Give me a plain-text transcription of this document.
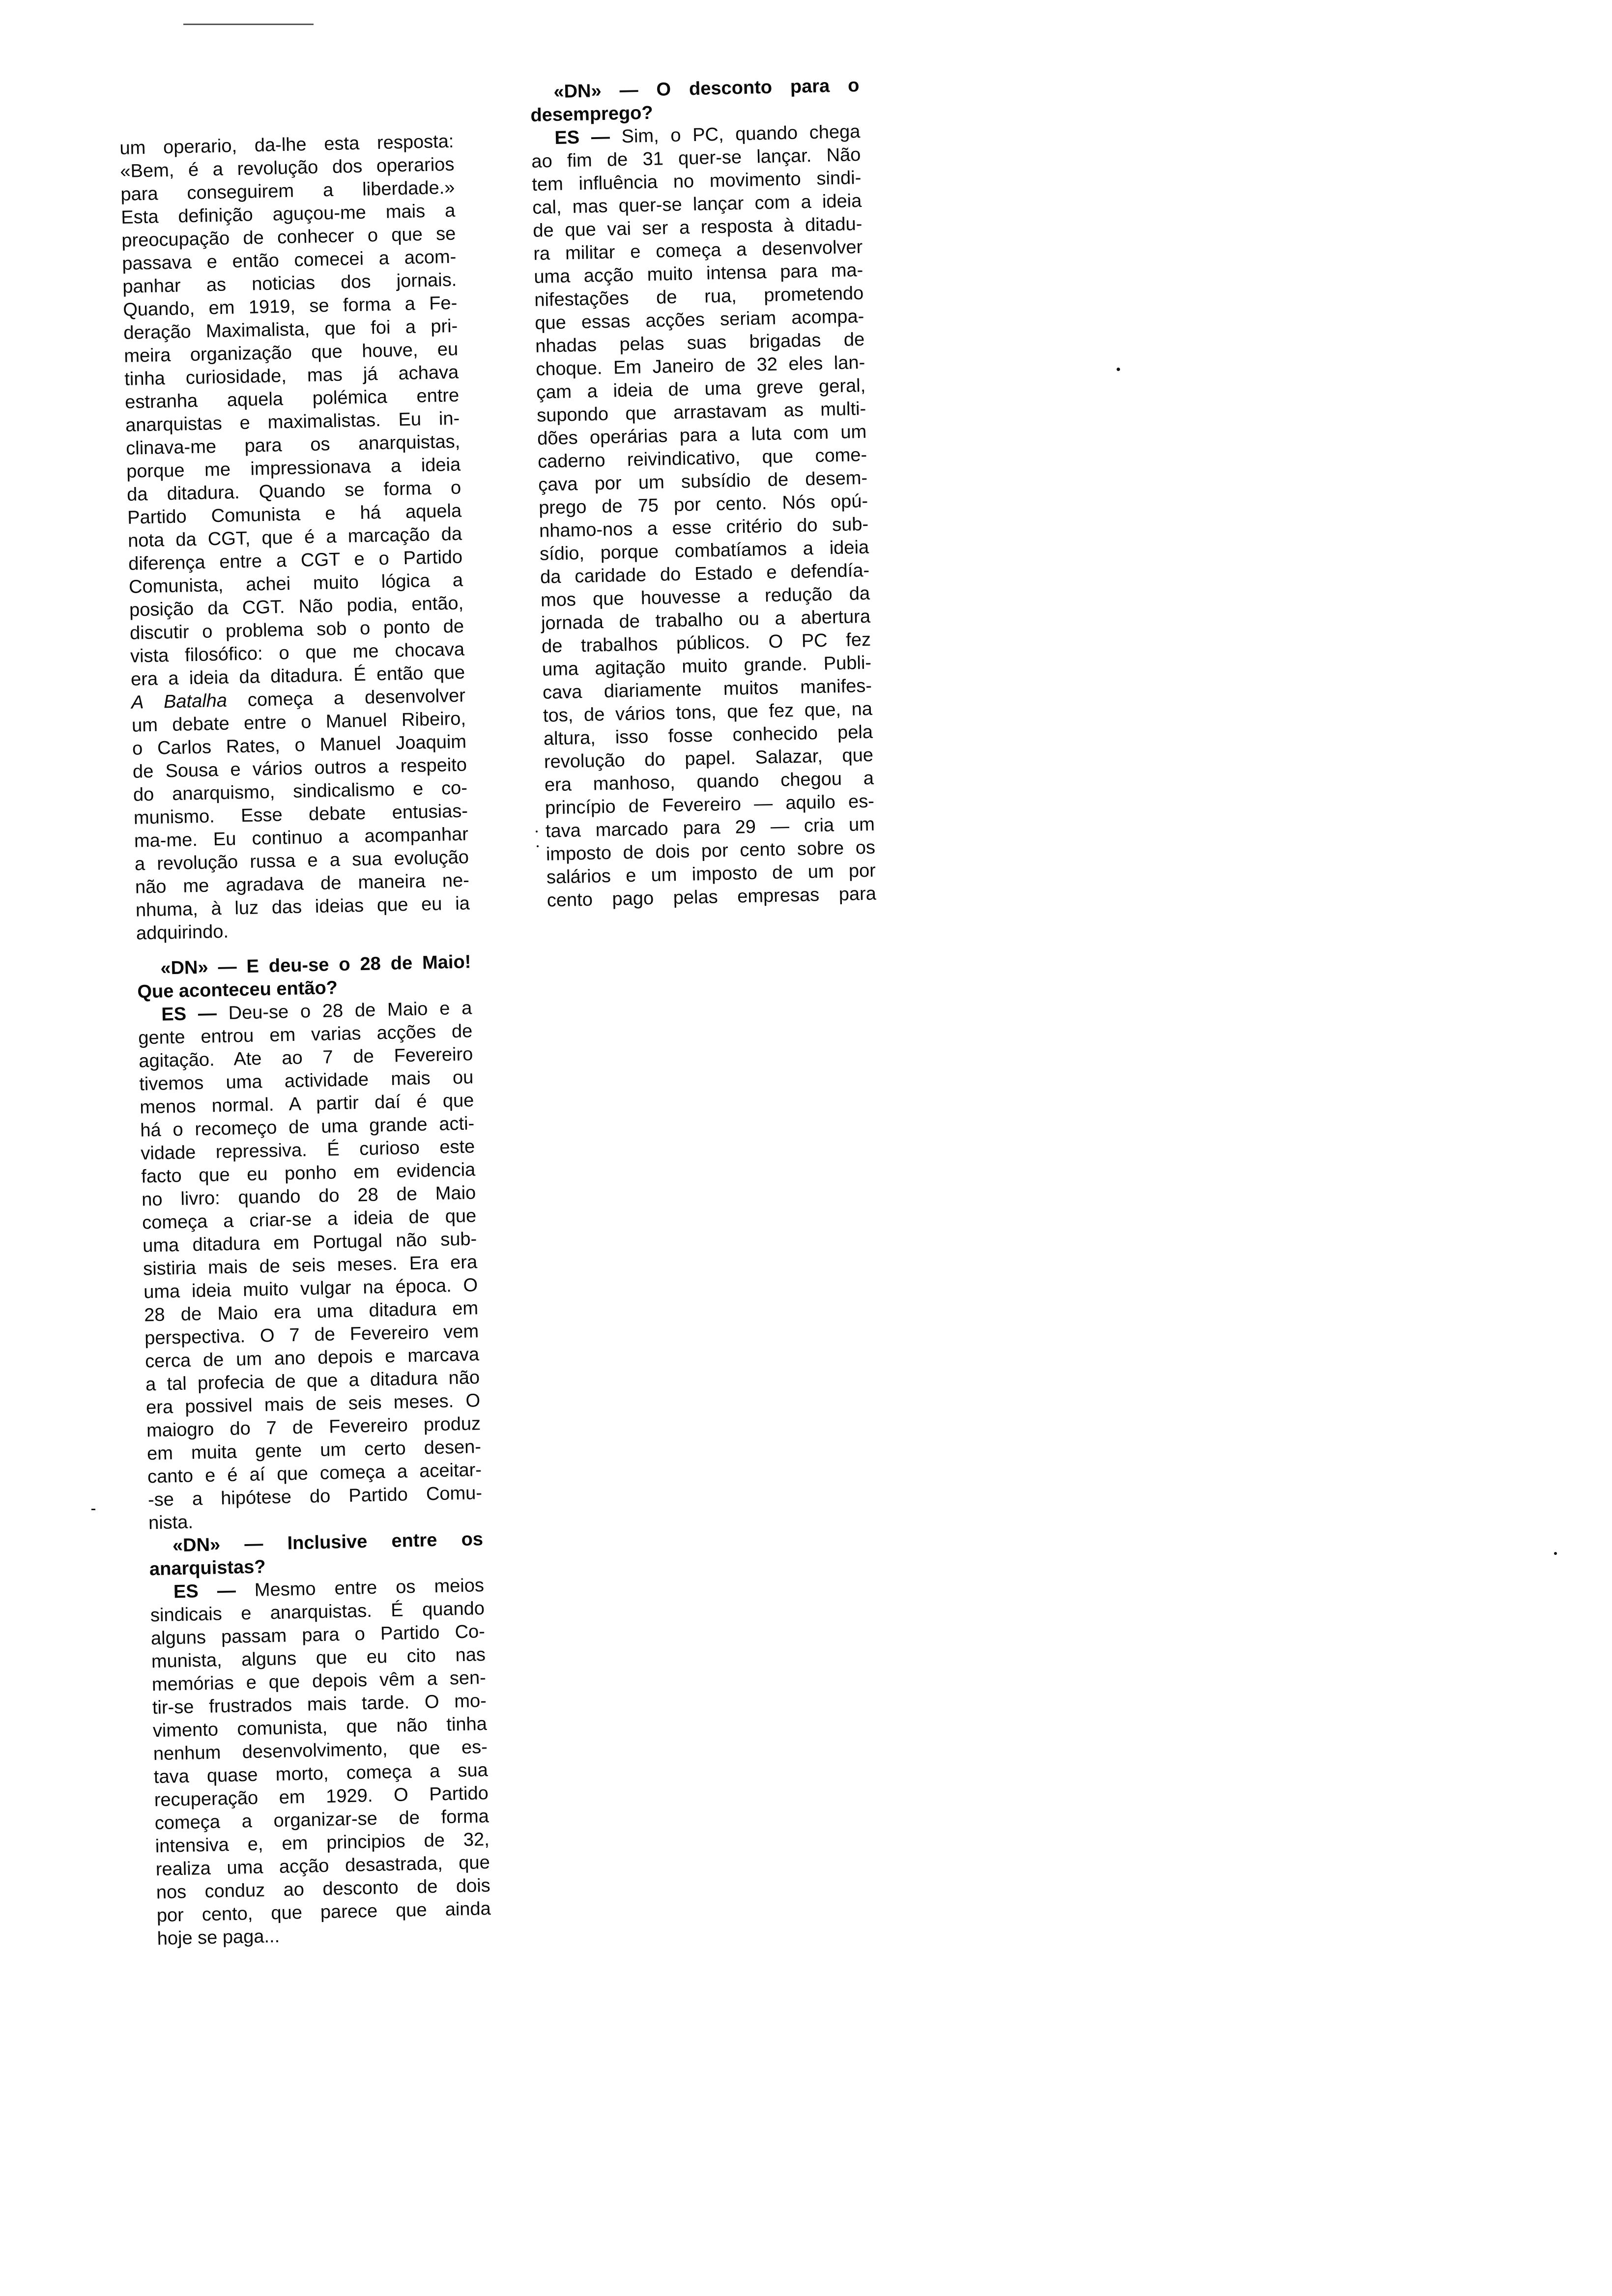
um operario, da-lhe esta resposta:
«Bem, é a revolução dos operarios
para conseguirem a liberdade.»
Esta definição aguçou-me mais a
preocupação de conhecer o que se
passava e então comecei a acom-
panhar as noticias dos jornais.
Quando, em 1919, se forma a Fe-
deração Maximalista, que foi a pri-
meira organização que houve, eu
tinha curiosidade, mas já achava
estranha aquela polémica entre
anarquistas e maximalistas. Eu in-
clinava-me para os anarquistas,
porque me impressionava a ideia
da ditadura. Quando se forma o
Partido Comunista e há aquela
nota da CGT, que é a marcação da
diferença entre a CGT e o Partido
Comunista, achei muito lógica a
posição da CGT. Não podia, então,
discutir o problema sob o ponto de
vista filosófico: o que me chocava
era a ideia da ditadura. É então que
A Batalha começa a desenvolver
um debate entre o Manuel Ribeiro,
o Carlos Rates, o Manuel Joaquim
de Sousa e vários outros a respeito
do anarquismo, sindicalismo e co-
munismo. Esse debate entusias-
ma-me. Eu continuo a acompanhar
a revolução russa e a sua evolução
não me agradava de maneira ne-
nhuma, à luz das ideias que eu ia
adquirindo.
«DN» — E deu-se o 28 de Maio!
Que aconteceu então?
ES — Deu-se o 28 de Maio e a
gente entrou em varias acções de
agitação. Ate ao 7 de Fevereiro
tivemos uma actividade mais ou
menos normal. A partir daí é que
há o recomeço de uma grande acti-
vidade repressiva. É curioso este
facto que eu ponho em evidencia
no livro: quando do 28 de Maio
começa a criar-se a ideia de que
uma ditadura em Portugal não sub-
sistiria mais de seis meses. Era era
uma ideia muito vulgar na época. O
28 de Maio era uma ditadura em
perspectiva. O 7 de Fevereiro vem
cerca de um ano depois e marcava
a tal profecia de que a ditadura não
era possivel mais de seis meses. O
maiogro do 7 de Fevereiro produz
em muita gente um certo desen-
canto e é aí que começa a aceitar-
-se a hipótese do Partido Comu-
nista.
«DN» — Inclusive entre os
anarquistas?
ES — Mesmo entre os meios
sindicais e anarquistas. É quando
alguns passam para o Partido Co-
munista, alguns que eu cito nas
memórias e que depois vêm a sen-
tir-se frustrados mais tarde. O mo-
vimento comunista, que não tinha
nenhum desenvolvimento, que es-
tava quase morto, começa a sua
recuperação em 1929. O Partido
começa a organizar-se de forma
intensiva e, em principios de 32,
realiza uma acção desastrada, que
nos conduz ao desconto de dois
por cento, que parece que ainda
hoje se paga...
«DN» — O desconto para o
desemprego?
ES — Sim, o PC, quando chega
ao fim de 31 quer-se lançar. Não
tem influência no movimento sindi-
cal, mas quer-se lançar com a ideia
de que vai ser a resposta à ditadu-
ra militar e começa a desenvolver
uma acção muito intensa para ma-
nifestações de rua, prometendo
que essas acções seriam acompa-
nhadas pelas suas brigadas de
choque. Em Janeiro de 32 eles lan-
çam a ideia de uma greve geral,
supondo que arrastavam as multi-
dões operárias para a luta com um
caderno reivindicativo, que come-
çava por um subsídio de desem-
prego de 75 por cento. Nós opú-
nhamo-nos a esse critério do sub-
sídio, porque combatíamos a ideia
da caridade do Estado e defendía-
mos que houvesse a redução da
jornada de trabalho ou a abertura
de trabalhos públicos. O PC fez
uma agitação muito grande. Publi-
cava diariamente muitos manifes-
tos, de vários tons, que fez que, na
altura, isso fosse conhecido pela
revolução do papel. Salazar, que
era manhoso, quando chegou a
princípio de Fevereiro — aquilo es-
tava marcado para 29 — cria um
imposto de dois por cento sobre os
salários e um imposto de um por
cento pago pelas empresas para
